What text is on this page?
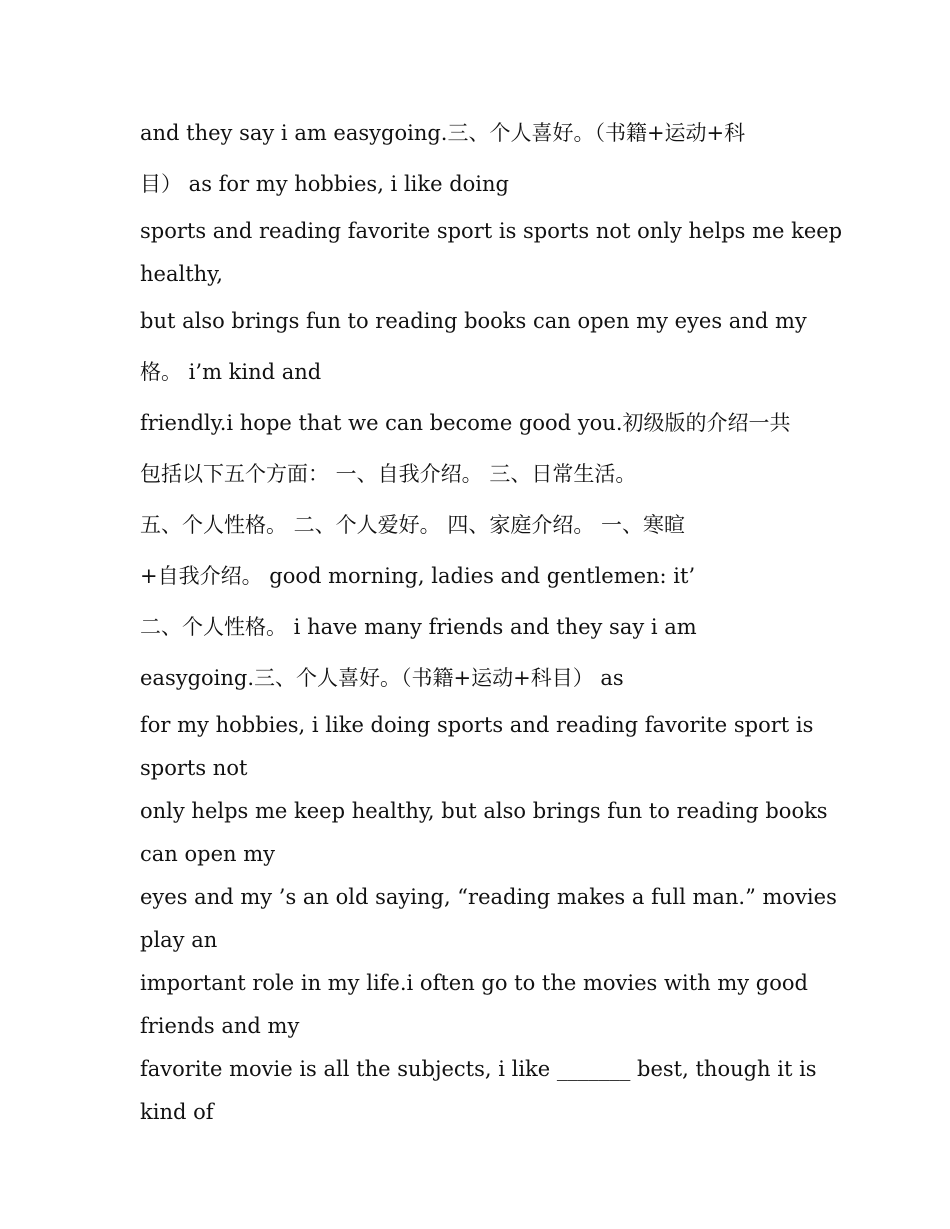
and they say i am easygoing.三、个人喜好。（书籍+运动+科
目） as for my hobbies, i like doing
sports and reading favorite sport is sports not only helps me keep
healthy,
but also brings fun to reading books can open my eyes and my
格。 i’m kind and
friendly.i hope that we can become good you.初级版的介绍一共
包括以下五个方面： 一、自我介绍。 三、日常生活。
五、个人性格。 二、个人爱好。 四、家庭介绍。 一、寒暄
+自我介绍。 good morning, ladies and gentlemen: it’
二、个人性格。 i have many friends and they say i am
easygoing.三、个人喜好。（书籍+运动+科目） as
for my hobbies, i like doing sports and reading favorite sport is
sports not
only helps me keep healthy, but also brings fun to reading books
can open my
eyes and my ’s an old saying, “reading makes a full man.” movies
play an
important role in my life.i often go to the movies with my good
friends and my
favorite movie is all the subjects, i like _______ best, though it is
kind of
